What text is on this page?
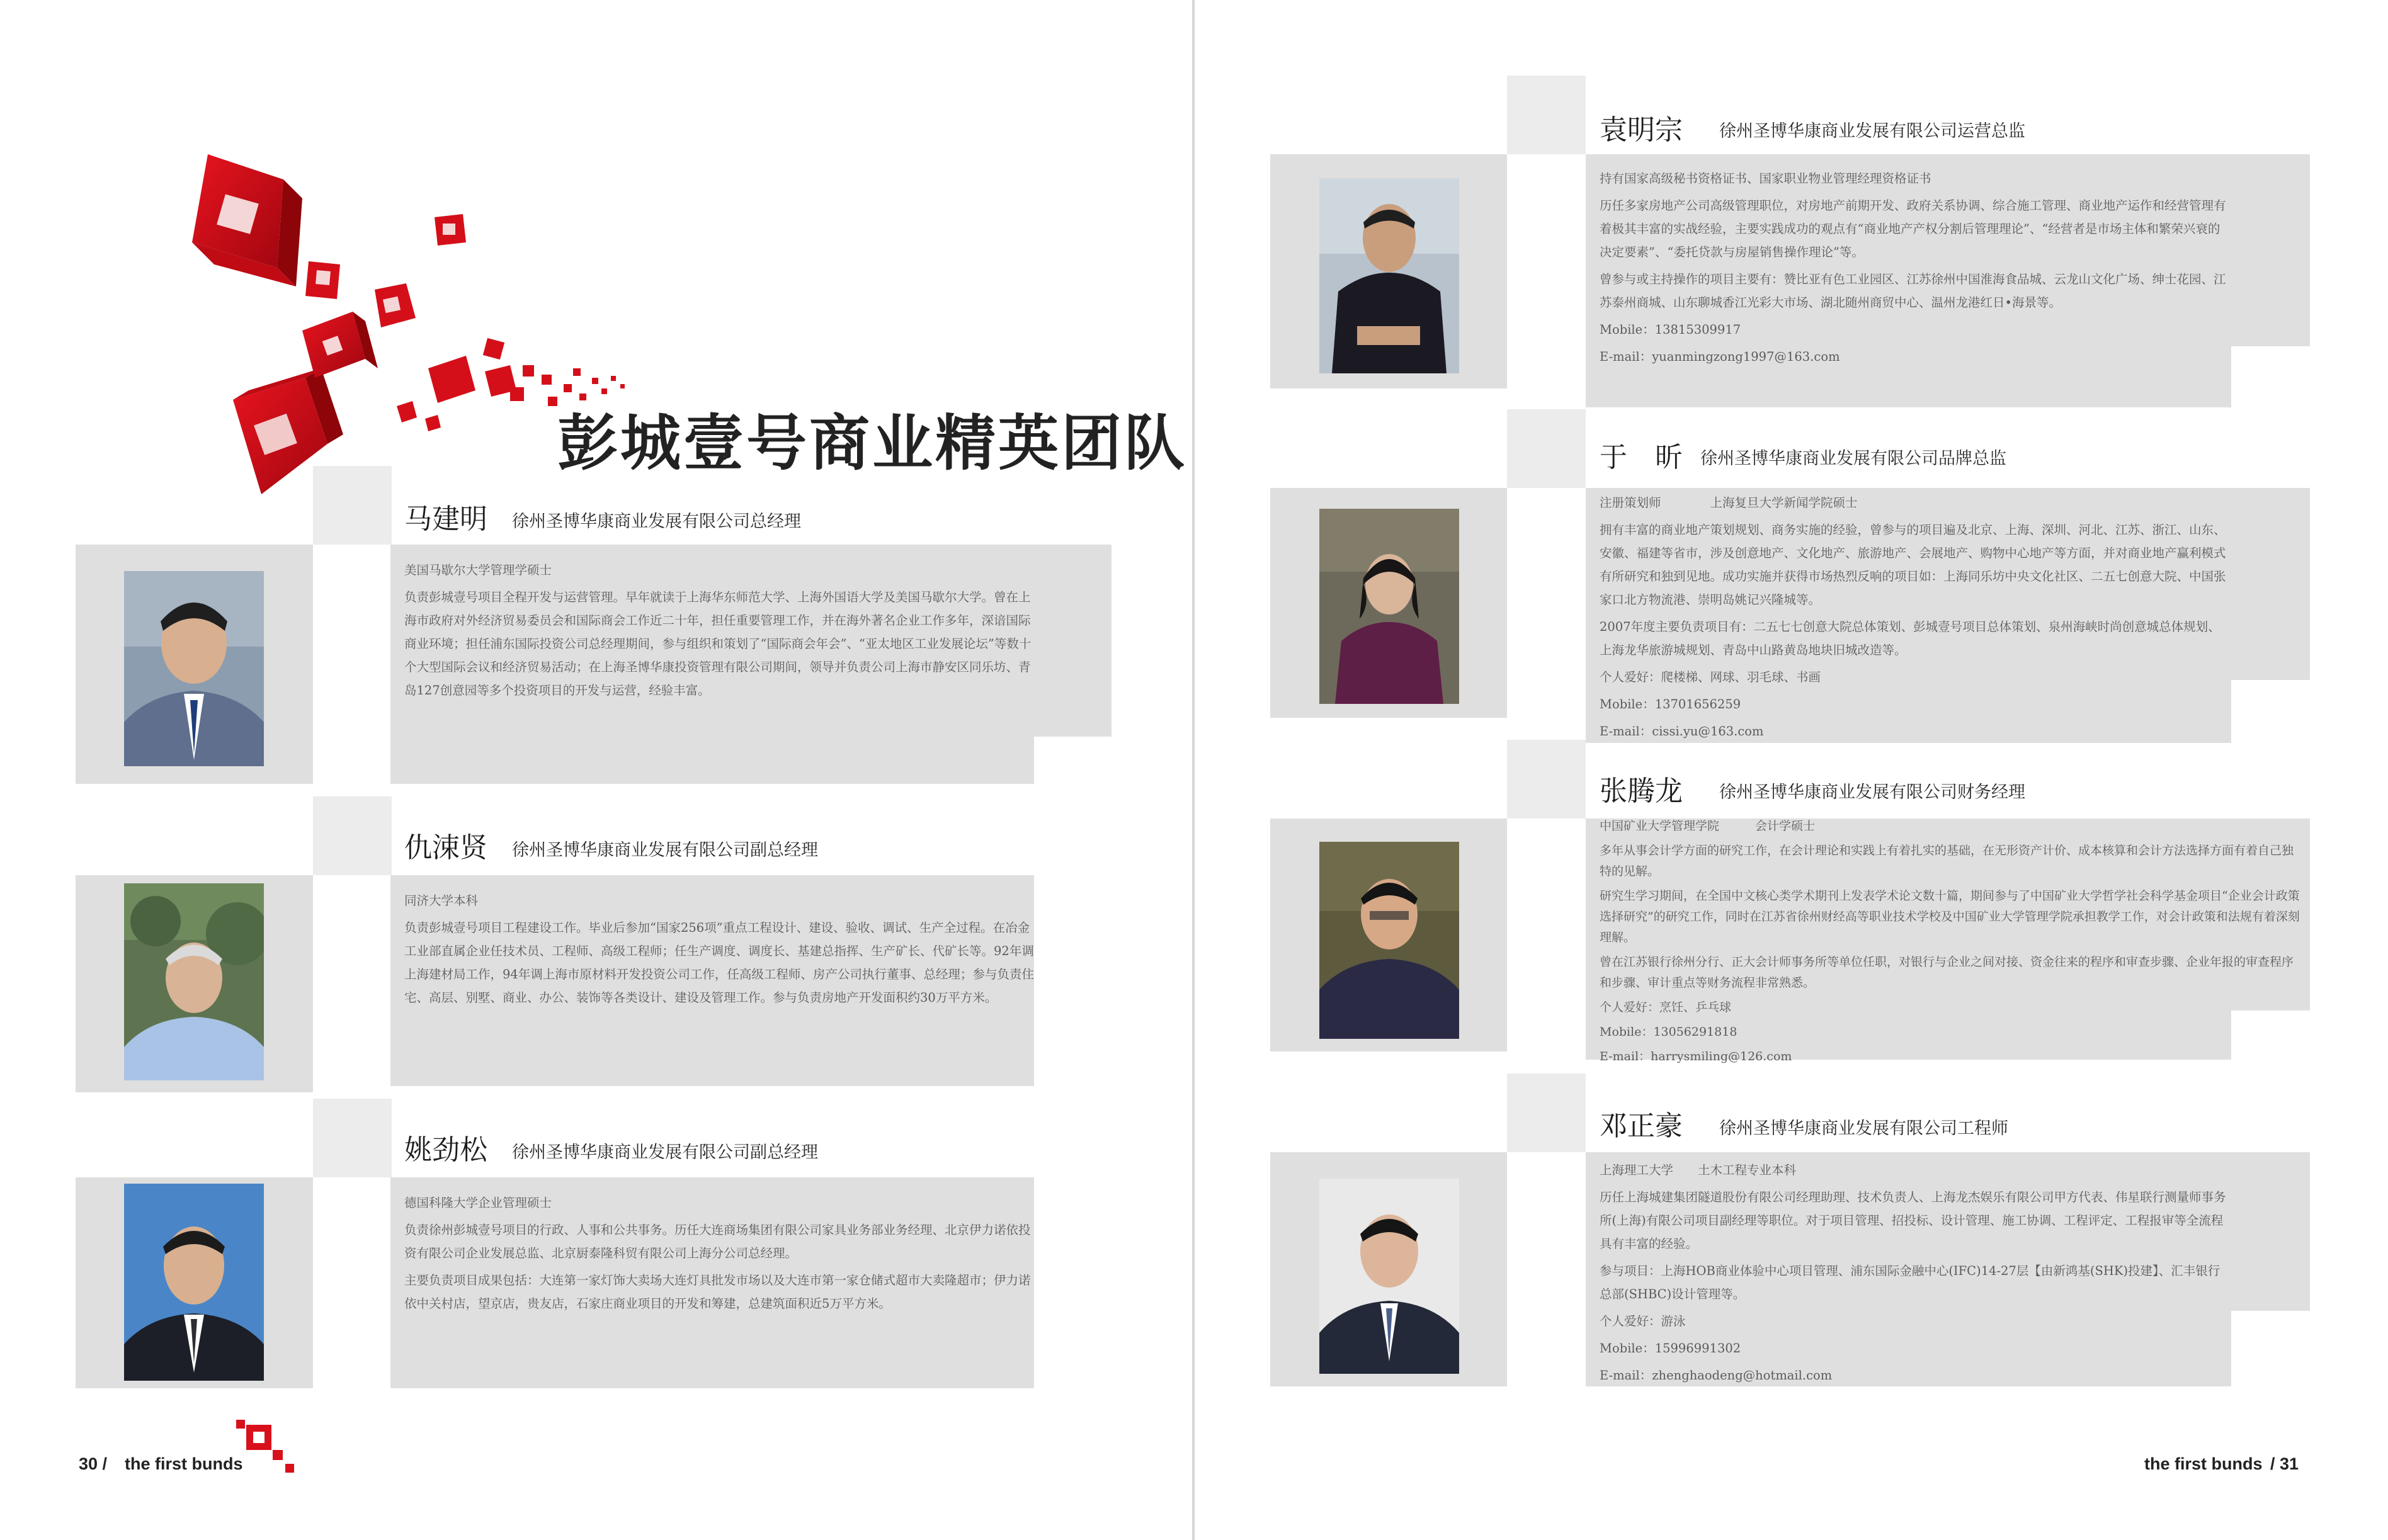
彭城壹号商业精英团队
马建明 徐州圣博华康商业发展有限公司总经理

美国马歇尔大学管理学硕士

负责彭城壹号项目全程开发与运营管理。早年就读于上海华东师范大学、上海外国语大学及美国马歇尔大学。曾在上海市政府对外经济贸易委员会和国际商会工作近二十年，担任重要管理工作，并在海外著名企业工作多年，深谙国际商业环境；担任浦东国际投资公司总经理期间，参与组织和策划了“国际商会年会”、“亚太地区工业发展论坛”等数十个大型国际会议和经济贸易活动；在上海圣博华康投资管理有限公司期间，领导并负责公司上海市静安区同乐坊、青岛127创意园等多个投资项目的开发与运营，经验丰富。

仇涑贤 徐州圣博华康商业发展有限公司副总经理

同济大学本科

负责彭城壹号项目工程建设工作。毕业后参加“国家256项”重点工程设计、建设、验收、调试、生产全过程。在冶金工业部直属企业任技术员、工程师、高级工程师；任生产调度、调度长、基建总指挥、生产矿长、代矿长等。92年调上海建材局工作，94年调上海市原材料开发投资公司工作，任高级工程师、房产公司执行董事、总经理；参与负责住宅、高层、别墅、商业、办公、装饰等各类设计、建设及管理工作。参与负责房地产开发面积约30万平方米。

姚劲松 徐州圣博华康商业发展有限公司副总经理

德国科隆大学企业管理硕士

负责徐州彭城壹号项目的行政、人事和公共事务。历任大连商场集团有限公司家具业务部业务经理、北京伊力诺依投资有限公司企业发展总监、北京厨泰隆科贸有限公司上海分公司总经理。

主要负责项目成果包括：大连第一家灯饰大卖场大连灯具批发市场以及大连市第一家仓储式超市大卖隆超市；伊力诺依中关村店，望京店，贵友店，石家庄商业项目的开发和筹建，总建筑面积近5万平方米。

30 / the first bunds
袁明宗 徐州圣博华康商业发展有限公司运营总监

持有国家高级秘书资格证书、国家职业物业管理经理资格证书

历任多家房地产公司高级管理职位，对房地产前期开发、政府关系协调、综合施工管理、商业地产运作和经营管理有着极其丰富的实战经验，主要实践成功的观点有“商业地产产权分割后管理理论”、“经营者是市场主体和繁荣兴衰的决定要素”、“委托贷款与房屋销售操作理论”等。

曾参与或主持操作的项目主要有：赞比亚有色工业园区、江苏徐州中国淮海食品城、云龙山文化广场、绅士花园、江苏泰州商城、山东聊城香江光彩大市场、湖北随州商贸中心、温州龙港红日•海景等。

Mobile：13815309917

E-mail：yuanmingzong1997@163.com

于　昕 徐州圣博华康商业发展有限公司品牌总监

注册策划师　　　　上海复旦大学新闻学院硕士

拥有丰富的商业地产策划规划、商务实施的经验，曾参与的项目遍及北京、上海、深圳、河北、江苏、浙江、山东、安徽、福建等省市，涉及创意地产、文化地产、旅游地产、会展地产、购物中心地产等方面，并对商业地产赢利模式有所研究和独到见地。成功实施并获得市场热烈反响的项目如：上海同乐坊中央文化社区、二五七创意大院、中国张家口北方物流港、崇明岛姚记兴隆城等。

2007年度主要负责项目有：二五七七创意大院总体策划、彭城壹号项目总体策划、泉州海峡时尚创意城总体规划、上海龙华旅游城规划、青岛中山路黄岛地块旧城改造等。

个人爱好：爬楼梯、网球、羽毛球、书画

Mobile：13701656259

E-mail：cissi.yu@163.com

张腾龙 徐州圣博华康商业发展有限公司财务经理

中国矿业大学管理学院　　　会计学硕士

多年从事会计学方面的研究工作，在会计理论和实践上有着扎实的基础，在无形资产计价、成本核算和会计方法选择方面有着自己独特的见解。

研究生学习期间，在全国中文核心类学术期刊上发表学术论文数十篇，期间参与了中国矿业大学哲学社会科学基金项目“企业会计政策选择研究”的研究工作，同时在江苏省徐州财经高等职业技术学校及中国矿业大学管理学院承担教学工作，对会计政策和法规有着深刻理解。

曾在江苏银行徐州分行、正大会计师事务所等单位任职，对银行与企业之间对接、资金往来的程序和审查步骤、企业年报的审查程序和步骤、审计重点等财务流程非常熟悉。

个人爱好：烹饪、乒乓球

Mobile：13056291818

E-mail：harrysmiling@126.com

邓正豪 徐州圣博华康商业发展有限公司工程师

上海理工大学　　土木工程专业本科

历任上海城建集团隧道股份有限公司经理助理、技术负责人、上海龙杰娱乐有限公司甲方代表、伟星联行测量师事务所(上海)有限公司项目副经理等职位。对于项目管理、招投标、设计管理、施工协调、工程评定、工程报审等全流程具有丰富的经验。

参与项目：上海HOB商业体验中心项目管理、浦东国际金融中心(IFC)14-27层【由新鸿基(SHK)投建】、汇丰银行总部(SHBC)设计管理等。

个人爱好：游泳

Mobile：15996991302

E-mail：zhenghaodeng@hotmail.com

the first bunds / 31
